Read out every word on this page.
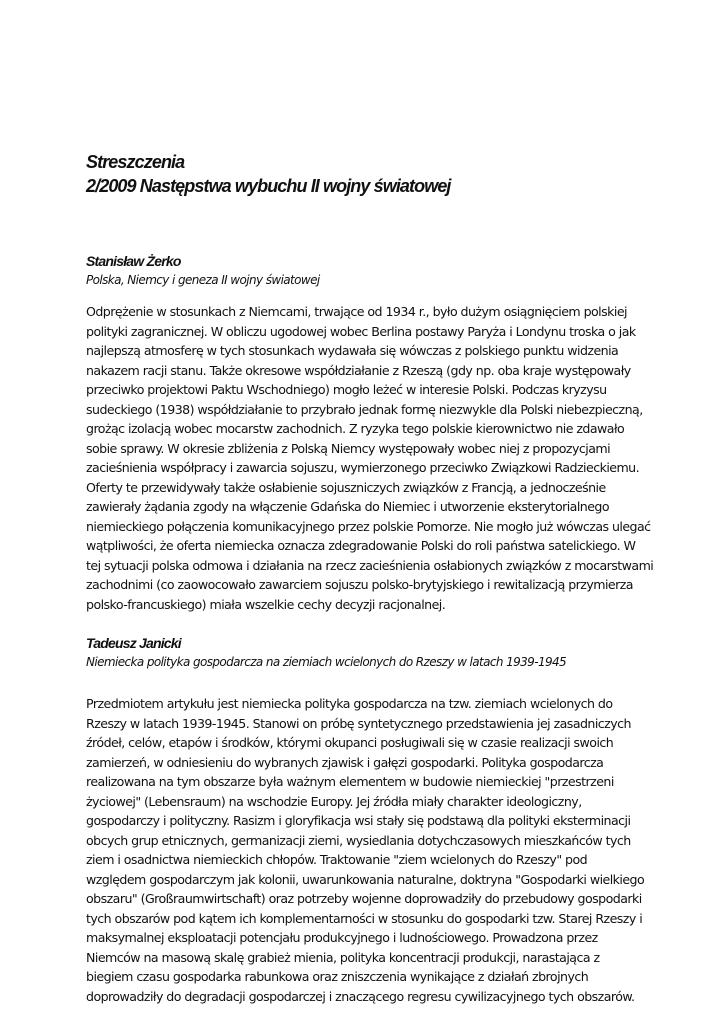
Streszczenia
2/2009 Następstwa wybuchu II wojny światowej

Stanisław Żerko

Polska, Niemcy i geneza II wojny światowej

Odprężenie w stosunkach z Niemcami, trwające od 1934 r., było dużym osiągnięciem polskiej
polityki zagranicznej. W obliczu ugodowej wobec Berlina postawy Paryża i Londynu troska o jak
najlepszą atmosferę w tych stosunkach wydawała się wówczas z polskiego punktu widzenia
nakazem racji stanu. Także okresowe współdziałanie z Rzeszą (gdy np. oba kraje występowały
przeciwko projektowi Paktu Wschodniego) mogło leżeć w interesie Polski. Podczas kryzysu
sudeckiego (1938) współdziałanie to przybrało jednak formę niezwykle dla Polski niebezpieczną,
grożąc izolacją wobec mocarstw zachodnich. Z ryzyka tego polskie kierownictwo nie zdawało
sobie sprawy. W okresie zbliżenia z Polską Niemcy występowały wobec niej z propozycjami
zacieśnienia współpracy i zawarcia sojuszu, wymierzonego przeciwko Związkowi Radzieckiemu.
Oferty te przewidywały także osłabienie sojuszniczych związków z Francją, a jednocześnie
zawierały żądania zgody na włączenie Gdańska do Niemiec i utworzenie eksterytorialnego
niemieckiego połączenia komunikacyjnego przez polskie Pomorze. Nie mogło już wówczas ulegać
wątpliwości, że oferta niemiecka oznacza zdegradowanie Polski do roli państwa satelickiego. W
tej sytuacji polska odmowa i działania na rzecz zacieśnienia osłabionych związków z mocarstwami
zachodnimi (co zaowocowało zawarciem sojuszu polsko-brytyjskiego i rewitalizacją przymierza
polsko-francuskiego) miała wszelkie cechy decyzji racjonalnej.

Tadeusz Janicki

Niemiecka polityka gospodarcza na ziemiach wcielonych do Rzeszy w latach 1939-1945

Przedmiotem artykułu jest niemiecka polityka gospodarcza na tzw. ziemiach wcielonych do
Rzeszy w latach 1939-1945. Stanowi on próbę syntetycznego przedstawienia jej zasadniczych
źródeł, celów, etapów i środków, którymi okupanci posługiwali się w czasie realizacji swoich
zamierzeń, w odniesieniu do wybranych zjawisk i gałęzi gospodarki. Polityka gospodarcza
realizowana na tym obszarze była ważnym elementem w budowie niemieckiej "przestrzeni
życiowej" (Lebensraum) na wschodzie Europy. Jej źródła miały charakter ideologiczny,
gospodarczy i polityczny. Rasizm i gloryfikacja wsi stały się podstawą dla polityki eksterminacji
obcych grup etnicznych, germanizacji ziemi, wysiedlania dotychczasowych mieszkańców tych
ziem i osadnictwa niemieckich chłopów. Traktowanie "ziem wcielonych do Rzeszy" pod
względem gospodarczym jak kolonii, uwarunkowania naturalne, doktryna "Gospodarki wielkiego
obszaru" (Großraumwirtschaft) oraz potrzeby wojenne doprowadziły do przebudowy gospodarki
tych obszarów pod kątem ich komplementarności w stosunku do gospodarki tzw. Starej Rzeszy i
maksymalnej eksploatacji potencjału produkcyjnego i ludnościowego. Prowadzona przez
Niemców na masową skalę grabież mienia, polityka koncentracji produkcji, narastająca z
biegiem czasu gospodarka rabunkowa oraz zniszczenia wynikające z działań zbrojnych
doprowadziły do degradacji gospodarczej i znaczącego regresu cywilizacyjnego tych obszarów.
